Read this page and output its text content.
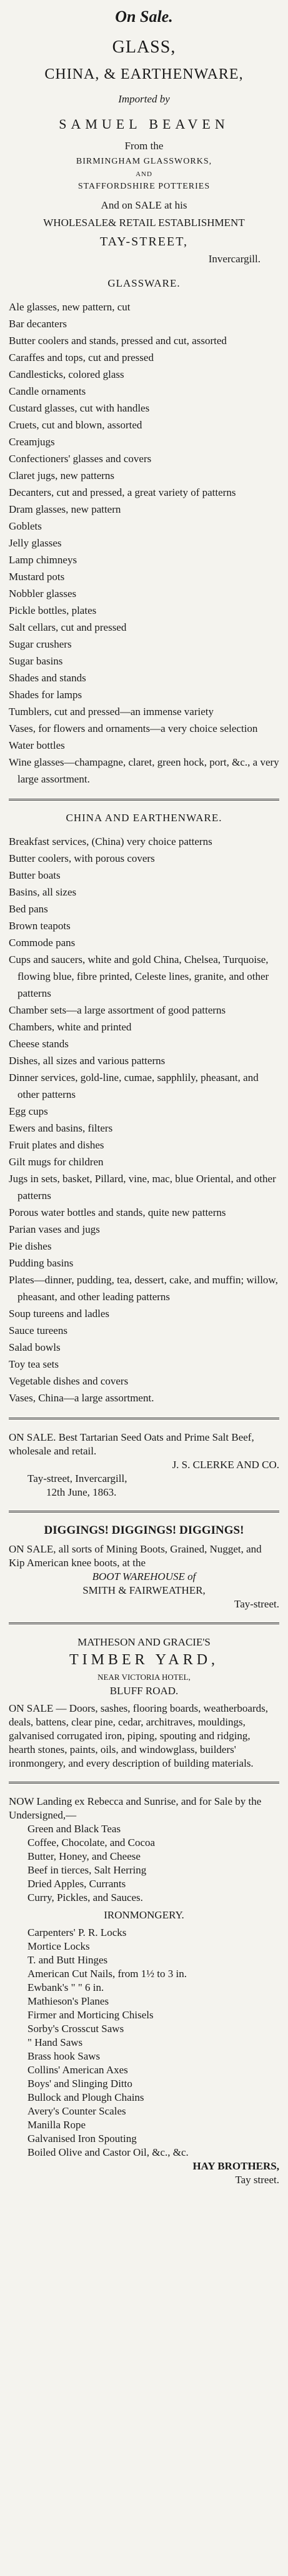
On Sale.
GLASS,
CHINA, & EARTHENWARE,
Imported by
SAMUEL BEAVEN
From the
BIRMINGHAM GLASSWORKS,
AND
STAFFORDSHIRE POTTERIES
And on SALE at his
WHOLESALE& RETAIL ESTABLISHMENT
TAY-STREET,
Invercargill.
GLASSWARE.
Ale glasses, new pattern, cut
Bar decanters
Butter coolers and stands, pressed and cut, assorted
Caraffes and tops, cut and pressed
Candlesticks, colored glass
Candle ornaments
Custard glasses, cut with handles
Cruets, cut and blown, assorted
Creamjugs
Confectioners' glasses and covers
Claret jugs, new patterns
Decanters, cut and pressed, a great variety of patterns
Dram glasses, new pattern
Goblets
Jelly glasses
Lamp chimneys
Mustard pots
Nobbler glasses
Pickle bottles, plates
Salt cellars, cut and pressed
Sugar crushers
Sugar basins
Shades and stands
Shades for lamps
Tumblers, cut and pressed—an immense variety
Vases, for flowers and ornaments—a very choice selection
Water bottles
Wine glasses—champagne, claret, green hock, port, &c., a very large assortment.
CHINA AND EARTHENWARE.
Breakfast services, (China) very choice patterns
Butter coolers, with porous covers
Butter boats
Basins, all sizes
Bed pans
Brown teapots
Commode pans
Cups and saucers, white and gold China, Chelsea, Turquoise, flowing blue, fibre printed, Celeste lines, granite, and other patterns
Chamber sets—a large assortment of good patterns
Chambers, white and printed
Cheese stands
Dishes, all sizes and various patterns
Dinner services, gold-line, cumae, sapphlily, pheasant, and other patterns
Egg cups
Ewers and basins, filters
Fruit plates and dishes
Gilt mugs for children
Jugs in sets, basket, Pillard, vine, mac, blue Oriental, and other patterns
Porous water bottles and stands, quite new patterns
Parian vases and jugs
Pie dishes
Pudding basins
Plates—dinner, pudding, tea, dessert, cake, and muffin; willow, pheasant, and other leading patterns
Soup tureens and ladles
Sauce tureens
Salad bowls
Toy tea sets
Vegetable dishes and covers
Vases, China—a large assortment.
ON SALE. Best Tartarian Seed Oats and Prime Salt Beef, wholesale and retail.
J. S. CLERKE AND CO.
Tay-street, Invercargill,
12th June, 1863.
DIGGINGS! DIGGINGS! DIGGINGS!
ON SALE, all sorts of Mining Boots, Grained, Nugget, and Kip American knee boots, at the
BOOT WAREHOUSE of
SMITH & FAIRWEATHER,
Tay-street.
MATHESON AND GRACIE'S
TIMBER YARD,
NEAR VICTORIA HOTEL,
BLUFF ROAD.
ON SALE — Doors, sashes, flooring boards, weatherboards, deals, battens, clear pine, cedar, architraves, mouldings, galvanised corrugated iron, piping, spouting and ridging, hearth stones, paints, oils, and windowglass, builders' ironmongery, and every description of building materials.
NOW Landing ex Rebecca and Sunrise, and for Sale by the Undersigned,—
Green and Black Teas
Coffee, Chocolate, and Cocoa
Butter, Honey, and Cheese
Beef in tierces, Salt Herring
Dried Apples, Currants
Curry, Pickles, and Sauces.
IRONMONGERY.
Carpenters' P. R. Locks
Mortice Locks
T. and Butt Hinges
American Cut Nails, from 1½ to 3 in.
Ewbank's " " 6 in.
Mathieson's Planes
Firmer and Morticing Chisels
Sorby's Crosscut Saws
" Hand Saws
Brass hook Saws
Collins' American Axes
Boys' and Slinging Ditto
Bullock and Plough Chains
Avery's Counter Scales
Manilla Rope
Galvanised Iron Spouting
Boiled Olive and Castor Oil, &c., &c.
HAY BROTHERS,
Tay street.
